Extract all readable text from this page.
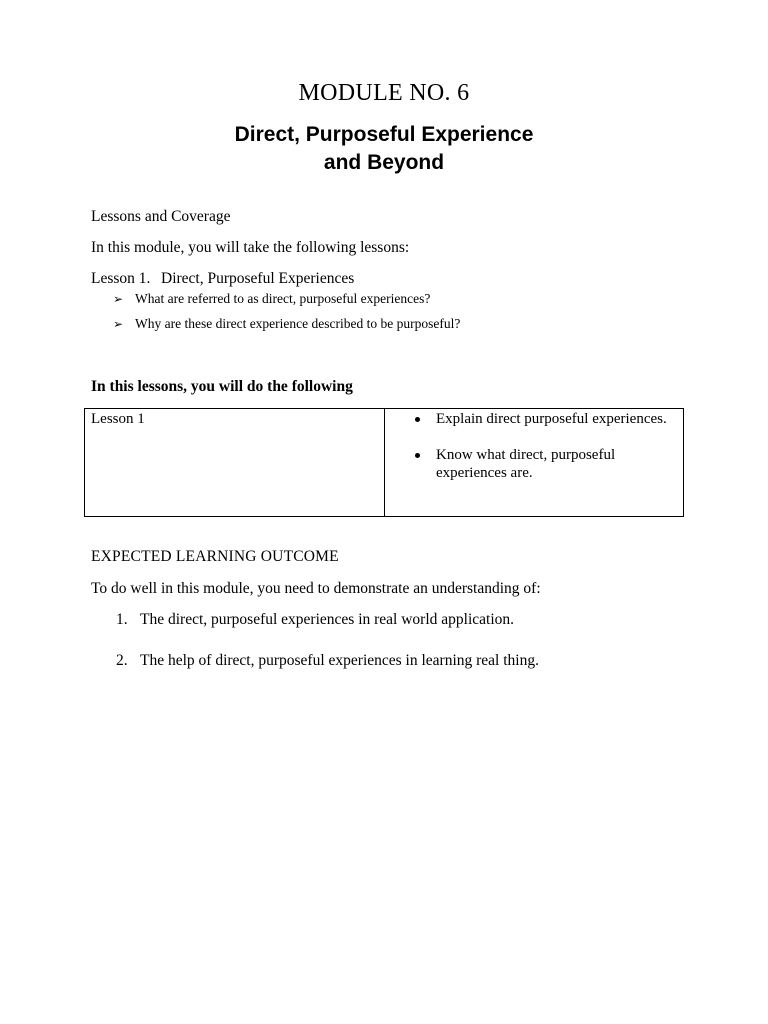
MODULE NO. 6
Direct, Purposeful Experience
and Beyond
Lessons and Coverage
In this module, you will take the following lessons:
Lesson 1. Direct, Purposeful Experiences
➢ What are referred to as direct, purposeful experiences?
➢ Why are these direct experience described to be purposeful?
In this lessons, you will do the following
Lesson 1	Explain direct purposeful experiences.
Know what direct, purposeful experiences are.
EXPECTED LEARNING OUTCOME
To do well in this module, you need to demonstrate an understanding of:
1. The direct, purposeful experiences in real world application.
2. The help of direct, purposeful experiences in learning real thing.
